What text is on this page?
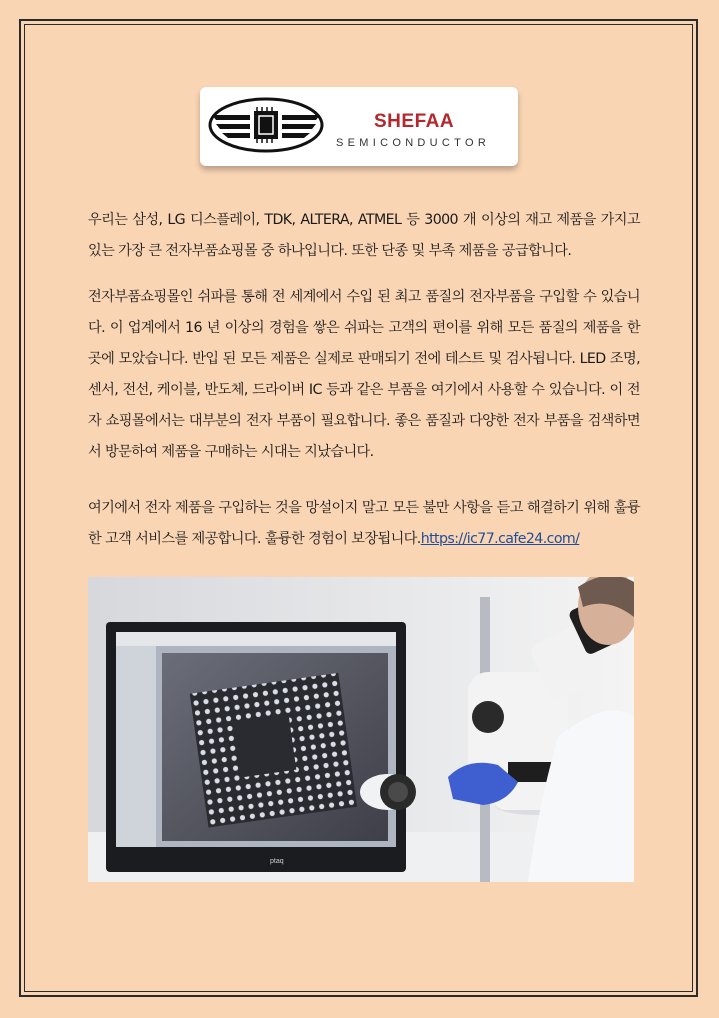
SHEFAA
SEMICONDUCTOR

우리는 삼성, LG 디스플레이, TDK, ALTERA, ATMEL 등 3000 개 이상의 재고 제품을 가지고 있는 가장 큰 전자부품쇼핑몰 중 하나입니다. 또한 단종 및 부족 제품을 공급합니다.

전자부품쇼핑몰인 쉬파를 통해 전 세계에서 수입 된 최고 품질의 전자부품을 구입할 수 있습니다. 이 업계에서 16 년 이상의 경험을 쌓은 쉬파는 고객의 편이를 위해 모든 품질의 제품을 한 곳에 모았습니다. 반입 된 모든 제품은 실제로 판매되기 전에 테스트 및 검사됩니다. LED 조명, 센서, 전선, 케이블, 반도체, 드라이버 IC 등과 같은 부품을 여기에서 사용할 수 있습니다. 이 전자 쇼핑몰에서는 대부분의 전자 부품이 필요합니다. 좋은 품질과 다양한 전자 부품을 검색하면서 방문하여 제품을 구매하는 시대는 지났습니다.

여기에서 전자 제품을 구입하는 것을 망설이지 말고 모든 불만 사항을 듣고 해결하기 위해 훌륭한 고객 서비스를 제공합니다. 훌륭한 경험이 보장됩니다.https://ic77.cafe24.com/

ptaq
